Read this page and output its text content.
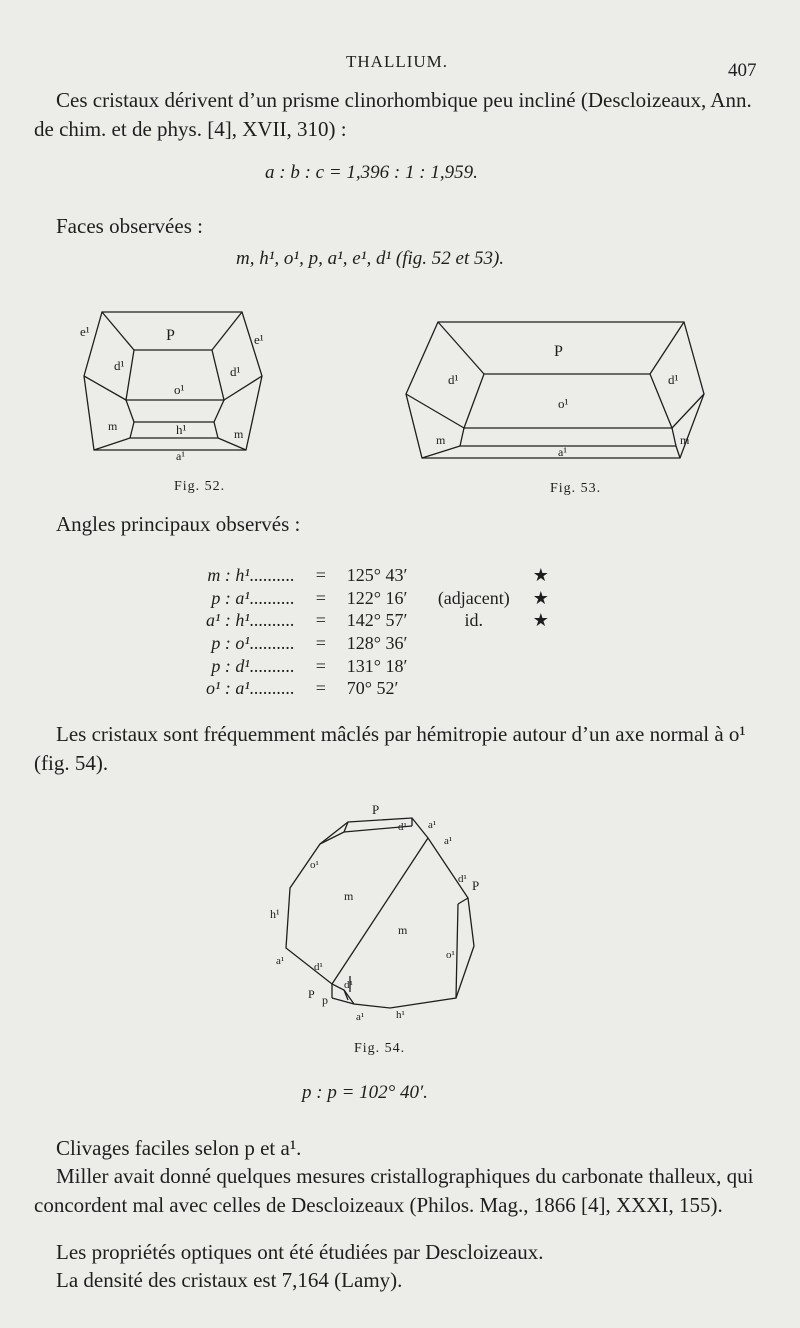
THALLIUM.	407
Ces cristaux dérivent d’un prisme clinorhombique peu incliné (Descloizeaux, Ann. de chim. et de phys. [4], XVII, 310) :
a : b : c = 1,396 : 1 : 1,959.
Faces observées :
m, h¹, o¹, p, a¹, e¹, d¹ (fig. 52 et 53).
e¹
e¹
P
d¹	d¹
o¹
m
m
h¹
a¹
Fig. 52.
P
d¹	d¹
o¹
m	m
a¹
Fig. 53.
Angles principaux observés :
m : h¹..........	=	125° 43′		★
p : a¹..........	=	122° 16′	(adjacent)	★
a¹ : h¹..........	=	142° 57′	id.	★
p : o¹..........	=	128° 36′		
p : d¹..........	=	131° 18′		
o¹ : a¹..........	=	70° 52′		
Les cristaux sont fréquemment mâclés par hémitropie autour d’un axe normal à o¹ (fig. 54).
P
d¹ a¹
a¹
d¹ P
o¹
m
m
h¹
a¹	d¹
d¹
P p
o¹
a¹	h¹
Fig. 54.
p : p = 102° 40′.
Clivages faciles selon p et a¹.
Miller avait donné quelques mesures cristallographiques du carbonate thalleux, qui concordent mal avec celles de Descloizeaux (Philos. Mag., 1866 [4], XXXI, 155).
Les propriétés optiques ont été étudiées par Descloizeaux.
La densité des cristaux est 7,164 (Lamy).
